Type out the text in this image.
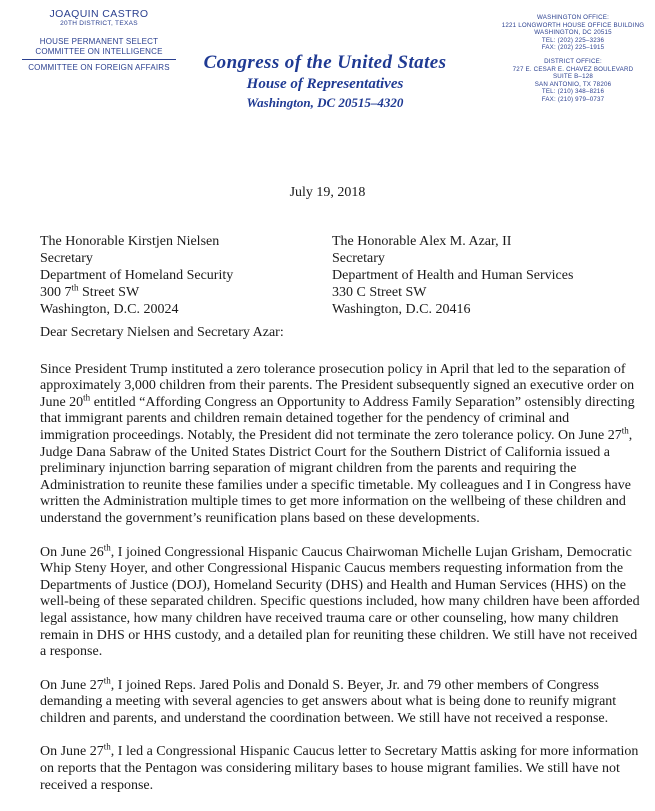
JOAQUIN CASTRO
20TH DISTRICT, TEXAS
HOUSE PERMANENT SELECT
COMMITTEE ON INTELLIGENCE
COMMITTEE ON FOREIGN AFFAIRS	Congress of the United States
House of Representatives
Washington, DC 20515–4320
WASHINGTON OFFICE:
1221 LONGWORTH HOUSE OFFICE BUILDING
WASHINGTON, DC 20515
TEL: (202) 225–3236
FAX: (202) 225–1915
DISTRICT OFFICE:
727 E. CESAR E. CHAVEZ BOULEVARD
SUITE B–128
SAN ANTONIO, TX 78206
TEL: (210) 348–8216
FAX: (210) 979–0737
July 19, 2018
The Honorable Kirstjen Nielsen
Secretary
Department of Homeland Security
300 7th Street SW
Washington, D.C. 20024
The Honorable Alex M. Azar, II
Secretary
Department of Health and Human Services
330 C Street SW
Washington, D.C. 20416

Dear Secretary Nielsen and Secretary Azar:

Since President Trump instituted a zero tolerance prosecution policy in April that led to the separation of approximately 3,000 children from their parents. The President subsequently signed an executive order on June 20th entitled “Affording Congress an Opportunity to Address Family Separation” ostensibly directing that immigrant parents and children remain detained together for the pendency of criminal and immigration proceedings. Notably, the President did not terminate the zero tolerance policy. On June 27th, Judge Dana Sabraw of the United States District Court for the Southern District of California issued a preliminary injunction barring separation of migrant children from the parents and requiring the Administration to reunite these families under a specific timetable. My colleagues and I in Congress have written the Administration multiple times to get more information on the wellbeing of these children and understand the government’s reunification plans based on these developments.

On June 26th, I joined Congressional Hispanic Caucus Chairwoman Michelle Lujan Grisham, Democratic Whip Steny Hoyer, and other Congressional Hispanic Caucus members requesting information from the Departments of Justice (DOJ), Homeland Security (DHS) and Health and Human Services (HHS) on the well-being of these separated children. Specific questions included, how many children have been afforded legal assistance, how many children have received trauma care or other counseling, how many children remain in DHS or HHS custody, and a detailed plan for reuniting these children. We still have not received a response.

On June 27th, I joined Reps. Jared Polis and Donald S. Beyer, Jr. and 79 other members of Congress demanding a meeting with several agencies to get answers about what is being done to reunify migrant children and parents, and understand the coordination between. We still have not received a response.

On June 27th, I led a Congressional Hispanic Caucus letter to Secretary Mattis asking for more information on reports that the Pentagon was considering military bases to house migrant families. We still have not received a response.
